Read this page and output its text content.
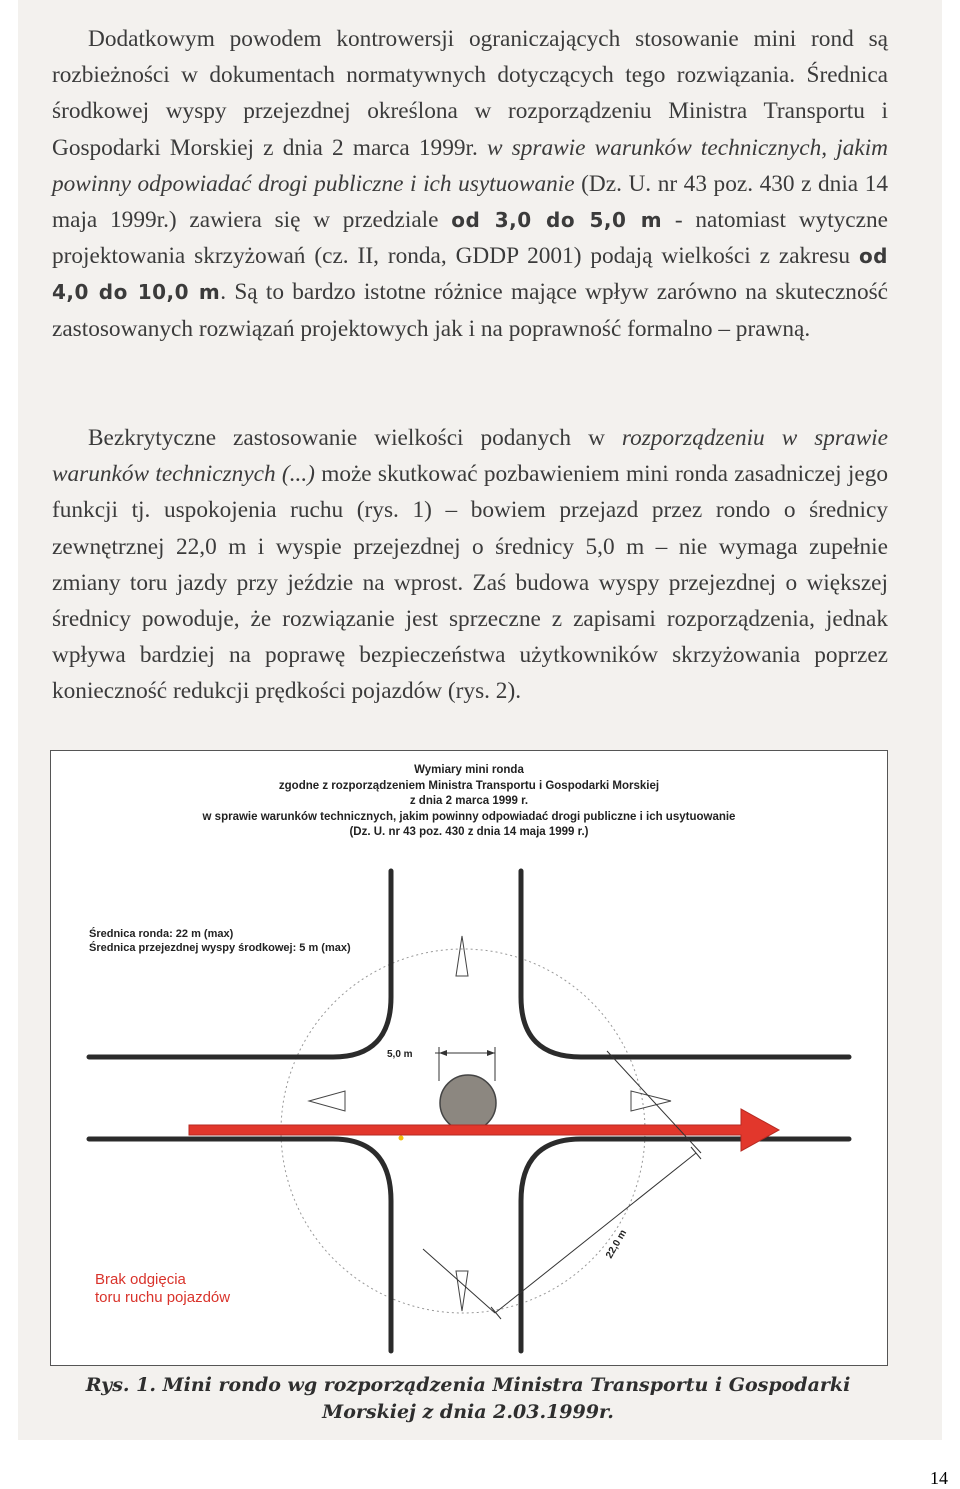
Dodatkowym powodem kontrowersji ograniczających stosowanie mini rond są rozbieżności w dokumentach normatywnych dotyczących tego rozwiązania. Średnica środkowej wyspy przejezdnej określona w rozporządzeniu Ministra Transportu i Gospodarki Morskiej z dnia 2 marca 1999r. w sprawie warunków technicznych, jakim powinny odpowiadać drogi publiczne i ich usytuowanie (Dz. U. nr 43 poz. 430 z dnia 14 maja 1999r.) zawiera się w przedziale od 3,0 do 5,0 m - natomiast wytyczne projektowania skrzyżowań (cz. II, ronda, GDDP 2001) podają wielkości z zakresu od 4,0 do 10,0 m. Są to bardzo istotne różnice mające wpływ zarówno na skuteczność zastosowanych rozwiązań projektowych jak i na poprawność formalno – prawną.

Bezkrytyczne zastosowanie wielkości podanych w rozporządzeniu w sprawie warunków technicznych (...) może skutkować pozbawieniem mini ronda zasadniczej jego funkcji tj. uspokojenia ruchu (rys. 1) – bowiem przejazd przez rondo o średnicy zewnętrznej 22,0 m i wyspie przejezdnej o średnicy 5,0 m – nie wymaga zupełnie zmiany toru jazdy przy jeździe na wprost. Zaś budowa wyspy przejezdnej o większej średnicy powoduje, że rozwiązanie jest sprzeczne z zapisami rozporządzenia, jednak wpływa bardziej na poprawę bezpieczeństwa użytkowników skrzyżowania poprzez konieczność redukcji prędkości pojazdów (rys. 2).

5,0 m
22,0 m
Wymiary mini ronda
zgodne z rozporządzeniem Ministra Transportu i Gospodarki Morskiej
z dnia 2 marca 1999 r.
w sprawie warunków technicznych, jakim powinny odpowiadać drogi publiczne i ich usytuowanie
(Dz. U. nr 43 poz. 430 z dnia 14 maja 1999 r.)
Średnica ronda: 22 m (max)
Średnica przejezdnej wyspy środkowej: 5 m (max)
Brak odgięcia
toru ruchu pojazdów
Rys. 1. Mini rondo wg rozporządzenia Ministra Transportu i Gospodarki
Morskiej z dnia 2.03.1999r.
14
